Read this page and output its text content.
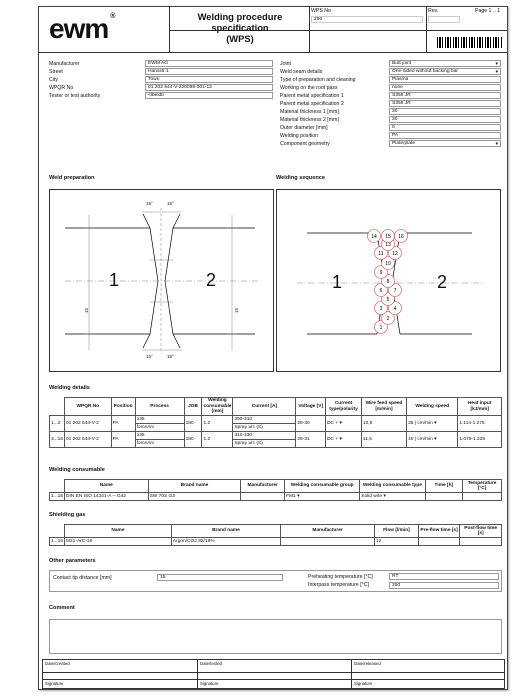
ewm ®	Welding procedure specification
(WPS)
WPS No
290
Rev.	Page 1 .. 1
Manufacturer	EWM AG
Street	Hansstr.1
City	Town
WPQR No	01 202 644-V-220098-001-12
Tester or test authority	<lbeldb
Joint	Butt joint ▾
Weld seam details	One-sided without backing bar ▾
Type of preparation and cleaning	Plasma
Working on the root pass	none
Parent metal specification 1	S355 JR
Parent metal specification 2	S355 JR
Material thickness 1 [mm]	30
Material thickness 2 [mm]	30
Outer diameter [mm]	0
Welding position	PA
Component geometry	Plate/plate ▾
Weld preparation	Welding sequence
15°	15°
15°	15°
1	2
15	15
1
2
3 4
5
6 7
8
9
10
11 12
13
14 15 16
1	2
Welding details
	WPQR No	Position	Process	JOB	Welding consumable [mm]	Current [A]	Voltage [V]	Current type/polarity	Wire feed speed [m/min]	Welding speed	Heat input [kJ/mm]
1...2	01 202 644-V-2	PA	135	180	1.2	290-310	28-30	DC + ▾	10,5	35 | cm/min ▾	1.114-1.275
			forceArc			Spray arc (S)					
3...16	01 202 644-V-2	PA	135	180	1.2	310-330	29-31	DC + ▾	11,5	40 | cm/min ▾	1.079-1.228
			forceArc			Spray arc (S)					
Welding consumable
	Name	Brand name	Manufacturer	Welding consumable group	Welding consumable type	Time [h]	Temperature [°C]
1...16	DIN EN ISO 14341-A -- G42	SW 70S G3		FM1 ▾	Solid wire ▾		
Shielding gas
	Name	Brand name	Manufacturer	Flow [l/min]	Pre-flow time [s]	Post-flow time [s]
1...16	M21-ArC-18	Argon/CO2 82/18%		12		
Other parameters
Contact tip distance [mm]	15	Preheating temperature [°C]	RT
Interpass temperature [°C]	250
Comment
Date/created	Date/tested	Date/released
Signature	Signature	Signature
